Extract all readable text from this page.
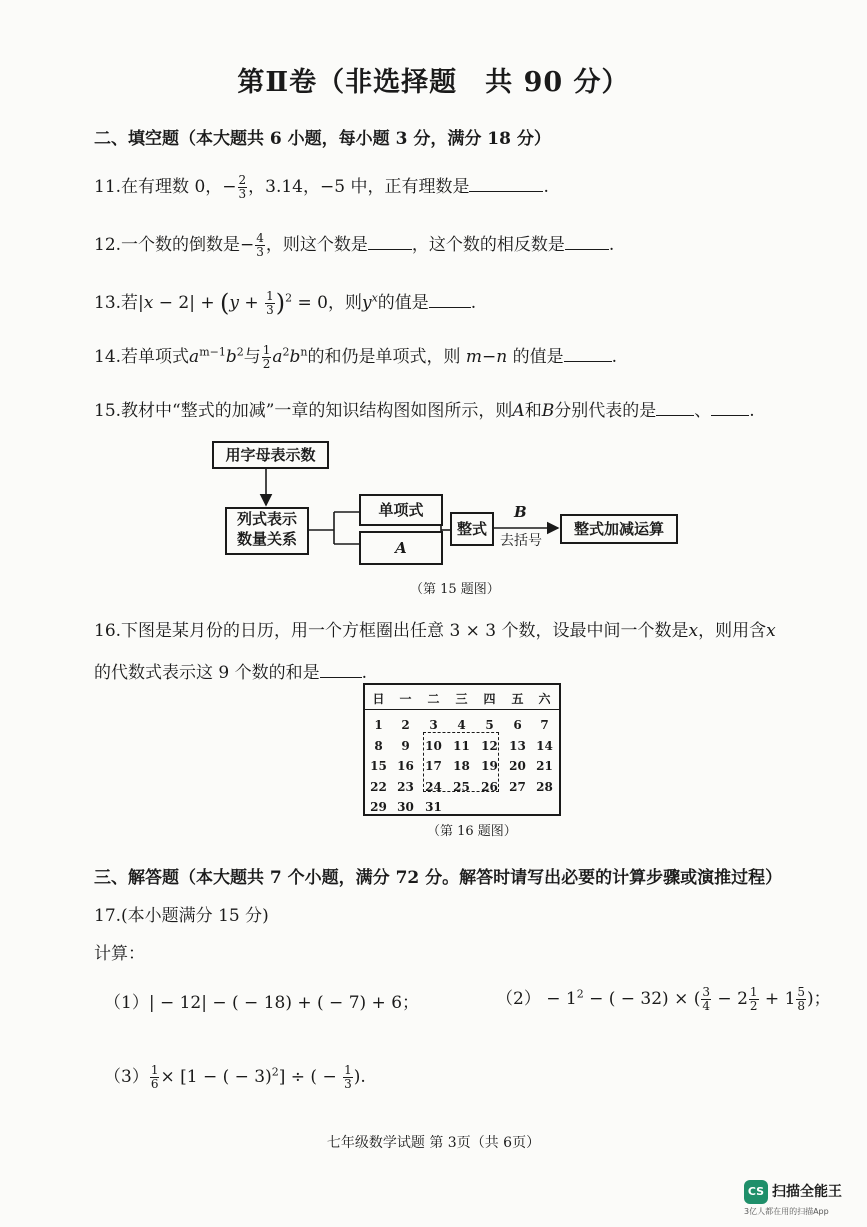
第Ⅱ卷（非选择题　共 90 分）
二、填空题（本大题共 6 小题，每小题 3 分，满分 18 分）
11.在有理数 0，− $\frac{2}{3}$ ，3.14，−5 中，正有理数是	.
12.一个数的倒数是− $\frac{4}{3}$ ，则这个数是	，这个数的相反数是	.
13.若$|x - 2| + (y + \frac{1}{3} )^2 = 0$，则$y^x$的值是 .
14.若单项式$a^{m-1}b^2$与 $\frac{1}{2} a^2b^n$的和仍是单项式，则 m−n 的值是	.
15.教材中“整式的加减”一章的知识结构图如图所示，则A和B分别代表的是 、 .
用字母表示数
列式表示
数量关系
单项式
A
整式
B
去括号
整式加减运算
（第 15 题图）
16.下图是某月份的日历，用一个方框圈出任意 3 × 3 个数，设最中间一个数是x，则用含x
的代数式表示这 9 个数的和是 .
日	一	二	三	四	五	六
1	2	3	4	5	6	7
8	9	10 11 12 13 14
15 16 17 18 19 20 21
22 23 24 25 26 27 28
29 30 31
（第 16 题图）
三、解答题（本大题共 7 个小题，满分 72 分。解答时请写出必要的计算步骤或演推过程）
17.(本小题满分 15 分)
计算：
（1）| − 12| − ( − 18) + ( − 7) + 6；	$(2) - 1^2$ − ( − 32) × ( $\frac{3}{4} - 2 \frac{1}{2} + 1 \frac{5}{8}$ )；
$(3) \frac{1}{6} \times [1$ − ( − 3)$^2$] ÷ ( − $\frac{1}{3}$ ).
七年级数学试题 第 3页（共 6页）
CS 扫描全能王
3亿人都在用的扫描App
